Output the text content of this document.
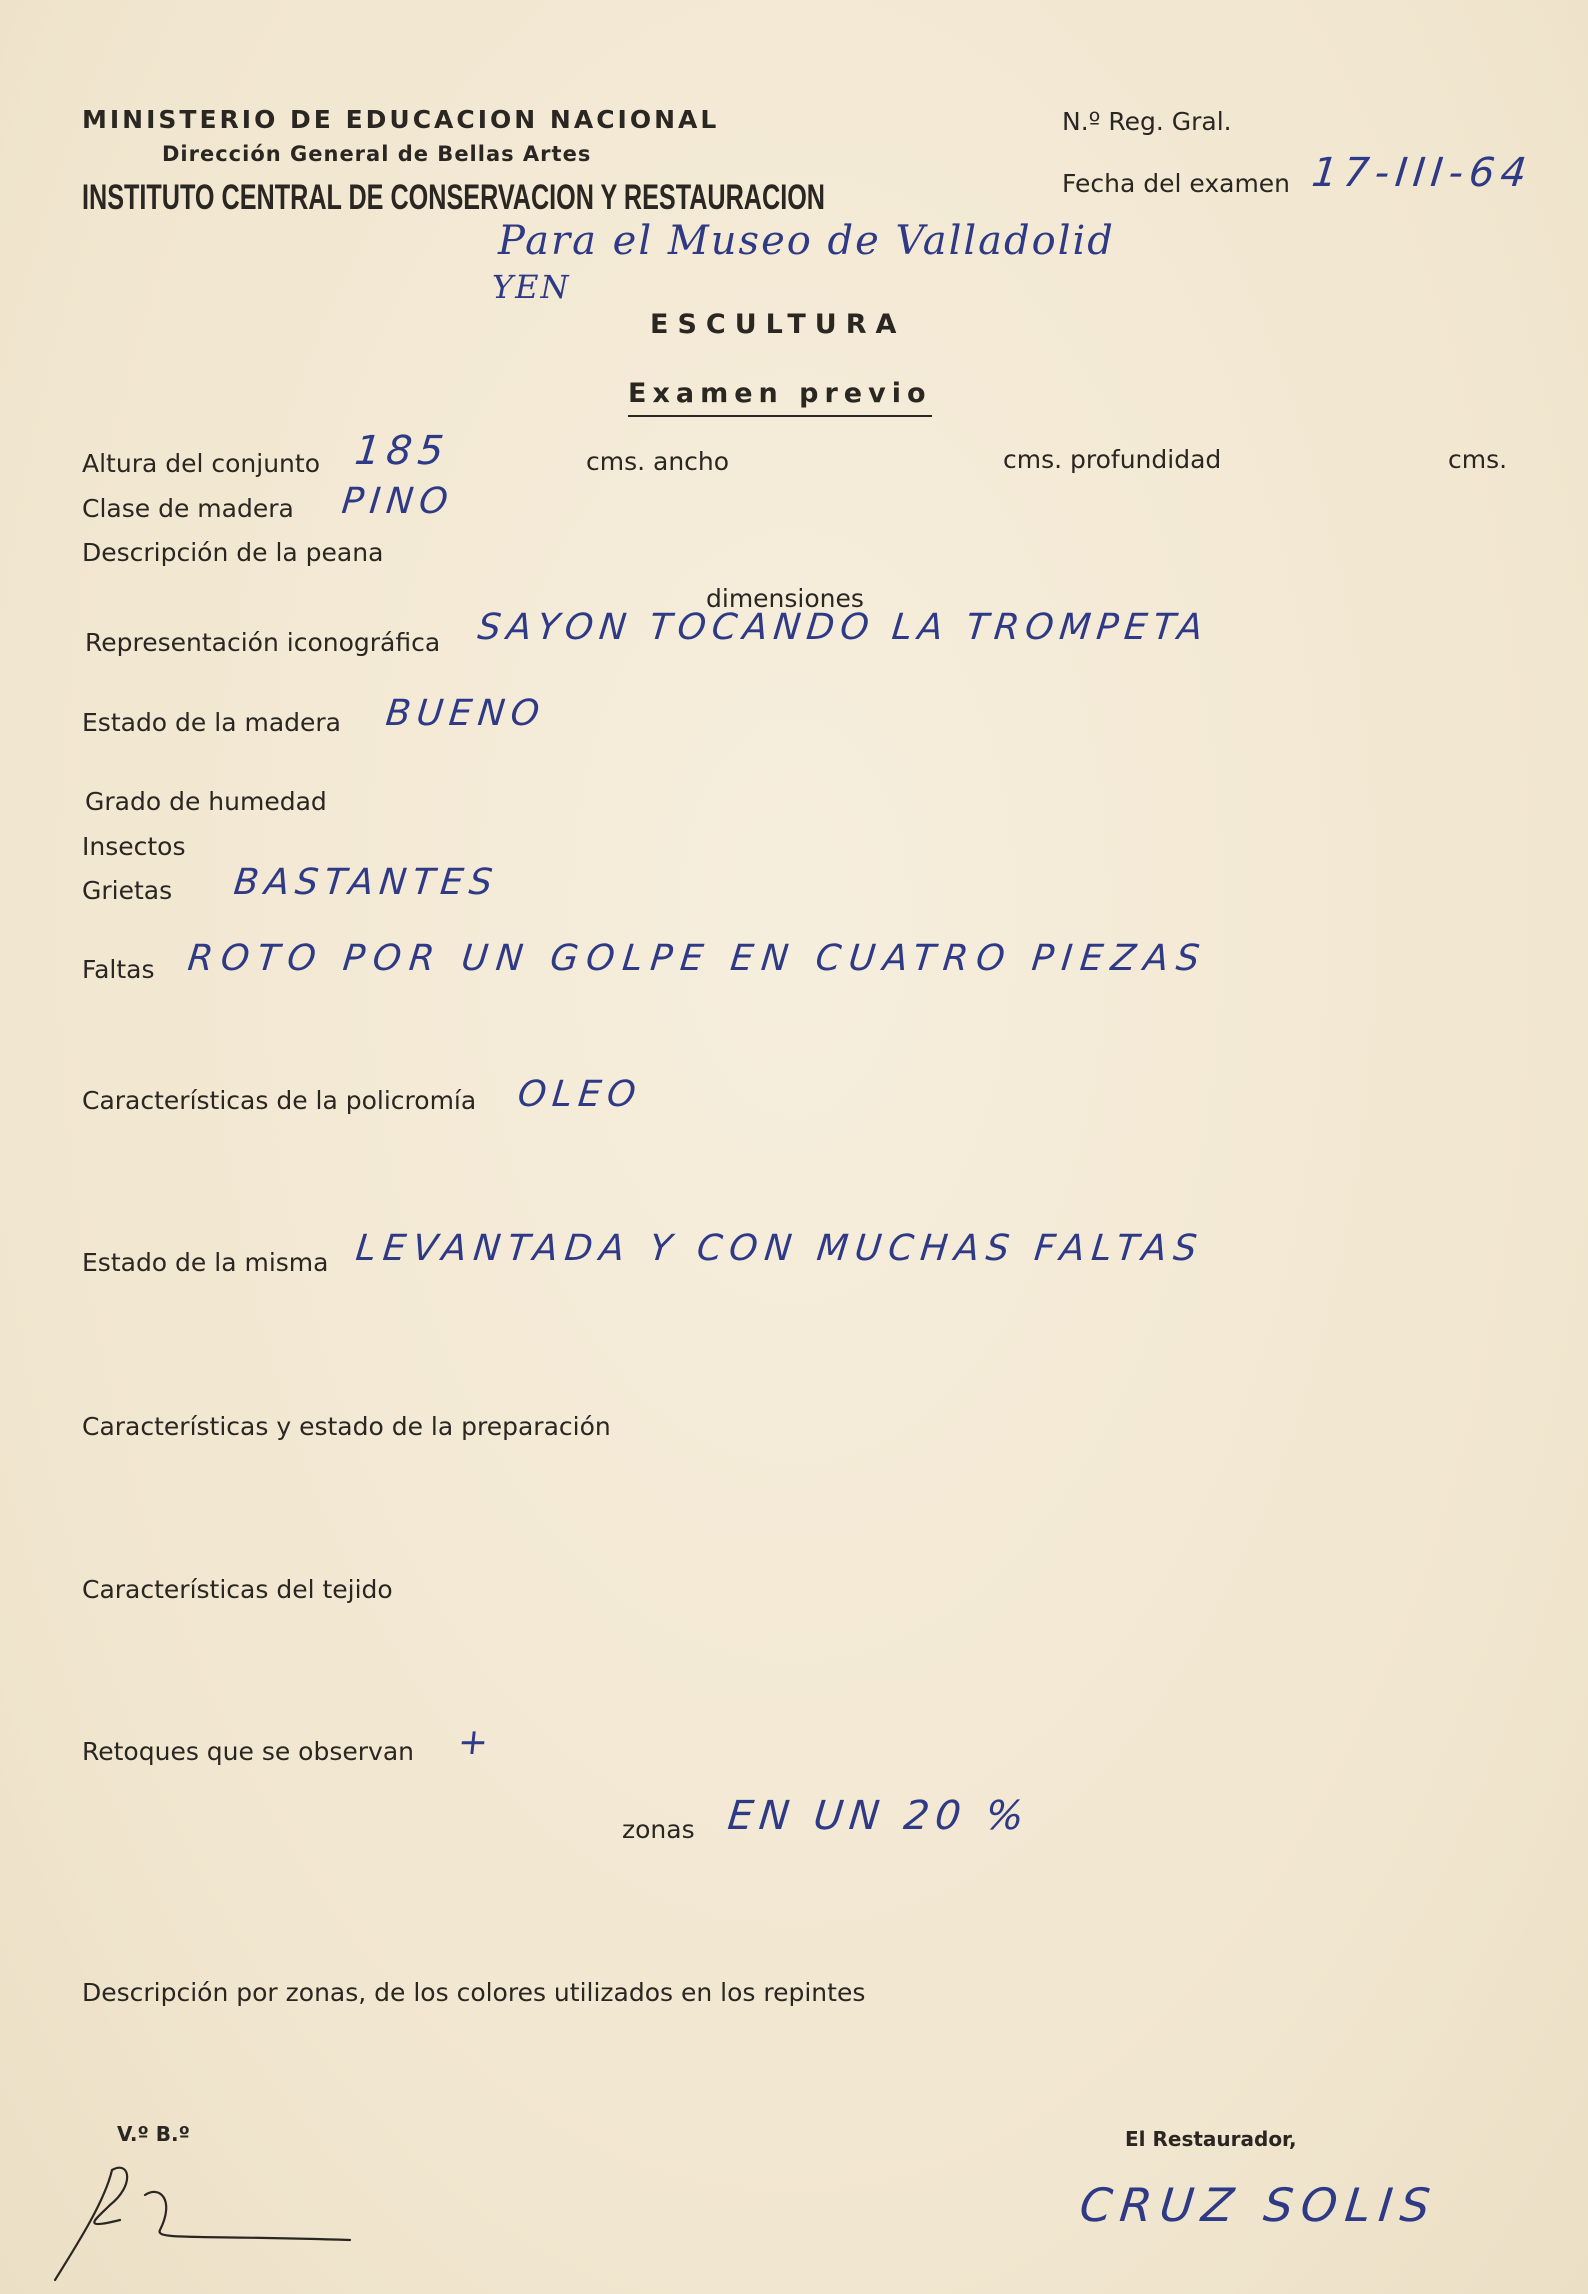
MINISTERIO DE EDUCACION NACIONAL
Dirección General de Bellas Artes
INSTITUTO CENTRAL DE CONSERVACION Y RESTAURACION
N.º Reg. Gral.
Fecha del examen 17-III-64
Para el Museo de Valladolid
YEN
ESCULTURA
Examen previo
Altura del conjunto 185	cms. ancho	cms. profundidad	cms.
Clase de madera PINO
Descripción de la peana
dimensiones
Representación iconográfica SAYON TOCANDO LA TROMPETA
Estado de la madera BUENO
Grado de humedad
Insectos
Grietas BASTANTES
Faltas ROTO POR UN GOLPE EN CUATRO PIEZAS
Características de la policromía OLEO
Estado de la misma LEVANTADA Y CON MUCHAS FALTAS
Características y estado de la preparación
Características del tejido
Retoques que se observan +
zonas EN UN 20 %
Descripción por zonas, de los colores utilizados en los repintes
V.º B.º	El Restaurador,
CRUZ SOLIS
